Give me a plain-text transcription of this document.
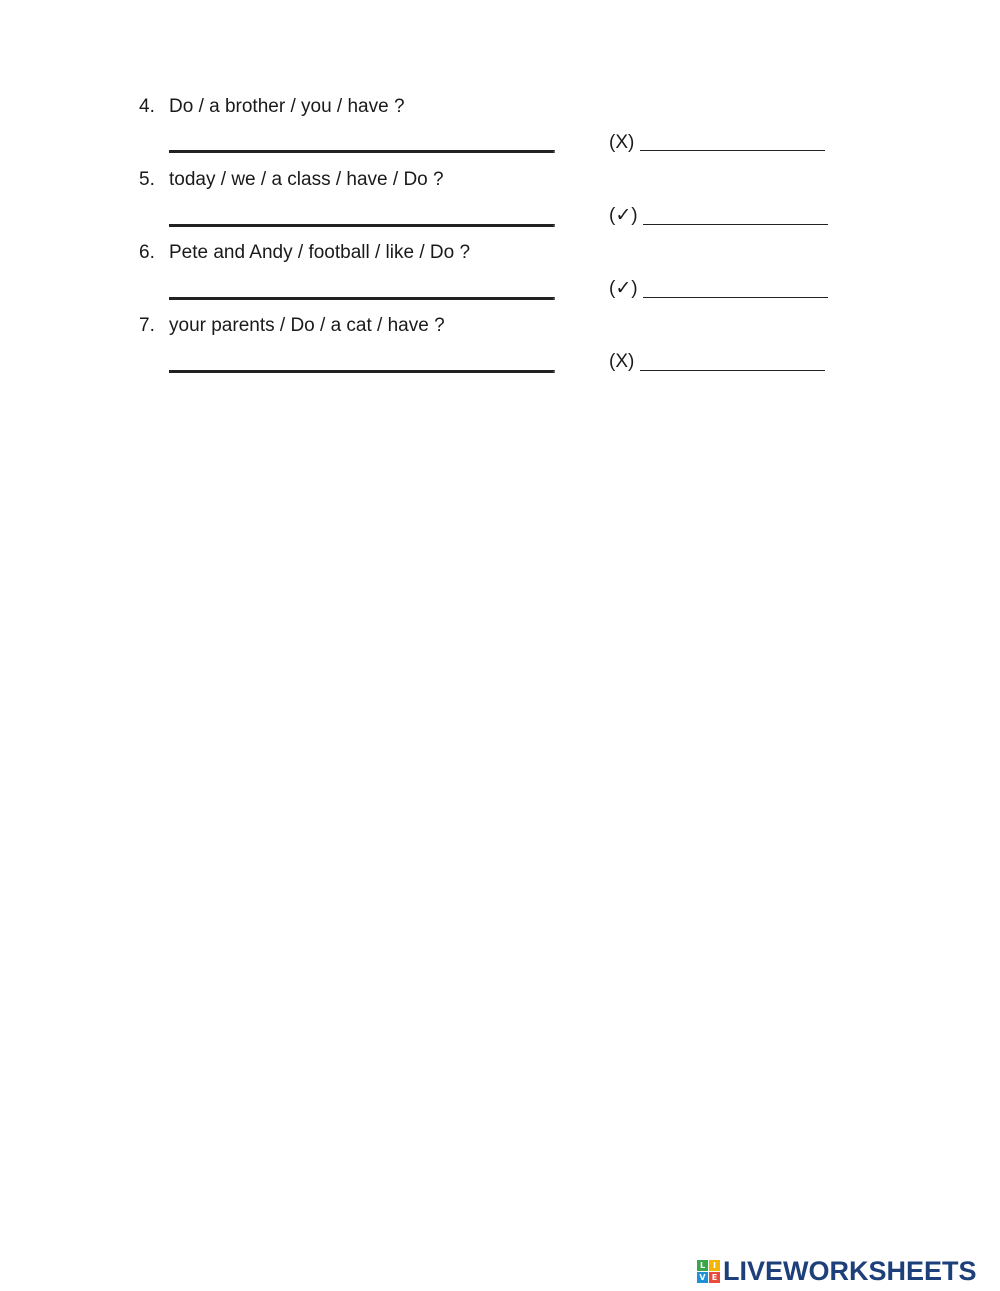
4. Do / a brother / you / have ?
(X)
5. today / we / a class / have / Do ?
(✓)
6. Pete and Andy / football / like / Do ?
(✓)
7. your parents / Do / a cat / have ?
(X)
L I
V E LIVEWORKSHEETS
